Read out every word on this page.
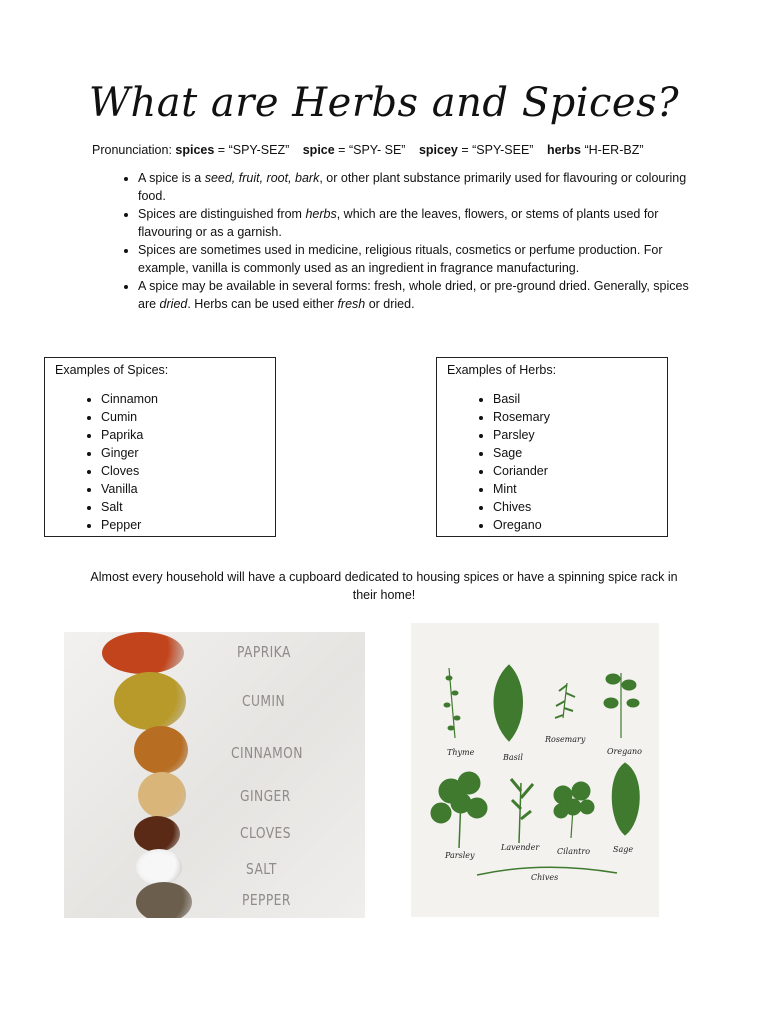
What are Herbs and Spices?
Pronunciation: spices = “SPY-SEZ” spice = “SPY- SE” spicey = “SPY-SEE” herbs “H-ER-BZ”
• A spice is a seed, fruit, root, bark, or other plant substance primarily used for flavouring or colouring food.
• Spices are distinguished from herbs, which are the leaves, flowers, or stems of plants used for flavouring or as a garnish.
• Spices are sometimes used in medicine, religious rituals, cosmetics or perfume production. For example, vanilla is commonly used as an ingredient in fragrance manufacturing.
• A spice may be available in several forms: fresh, whole dried, or pre-ground dried. Generally, spices are dried. Herbs can be used either fresh or dried.
Examples of Spices:
• Cinnamon
• Cumin
• Paprika
• Ginger
• Cloves
• Vanilla
• Salt
• Pepper
Examples of Herbs:
• Basil
• Rosemary
• Parsley
• Sage
• Coriander
• Mint
• Chives
• Oregano
Almost every household will have a cupboard dedicated to housing spices or have a spinning spice rack in their home!
PAPRIKA
CUMIN
CINNAMON
GINGER
CLOVES
SALT
PEPPER
Thyme
Basil
Rosemary
Oregano
Parsley
Lavender Cilantro	Sage
Chives
